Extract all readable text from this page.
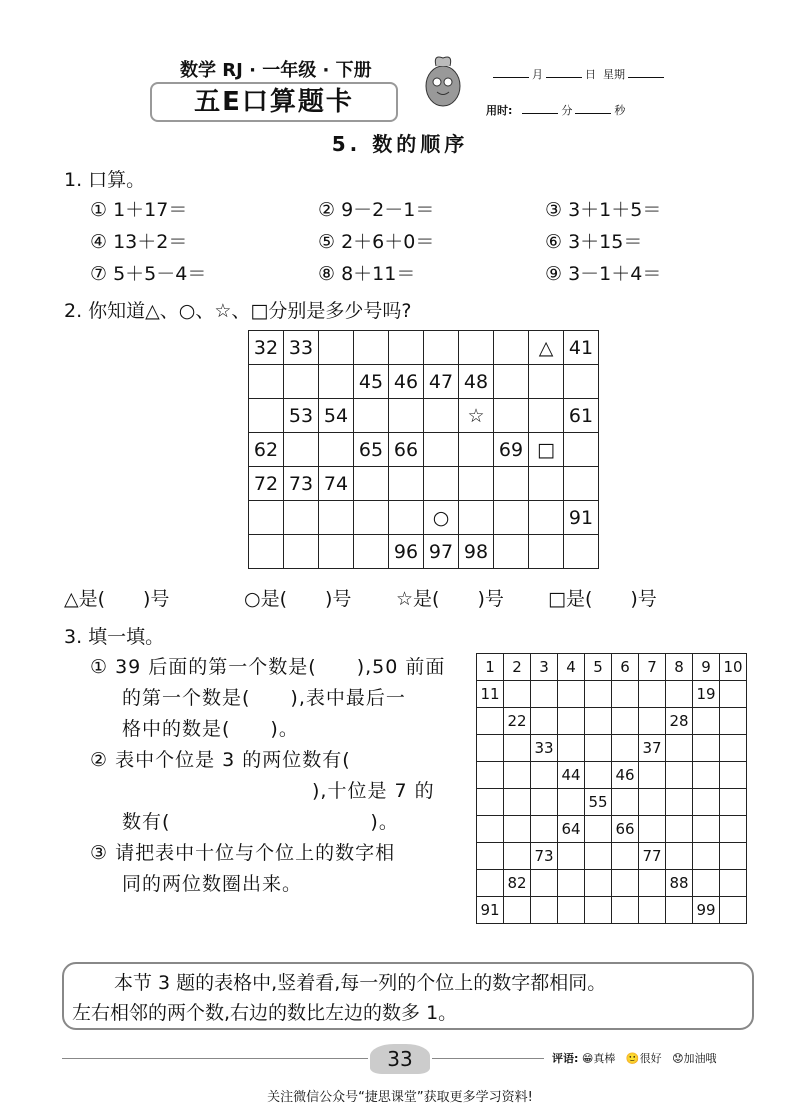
数学 RJ · 一年级 · 下册
五E口算题卡
月	日 星期
用时:	分	秒
5. 数的顺序
1. 口算。
2. 你知道△、○、☆、□分别是多少号吗?
32	33							△	41
			45	46	47	48			
	53	54				☆			61
62			65	66			69	□	
72	73	74							
					○				91
				96	97	98			
3. 填一填。
1	2	3	4	5	6	7	8	9	10
11								19	
	22						28		
		33				37			
			44		46				
				55					
			64		66				
		73				77			
	82						88		
91								99	
本节 3 题的表格中,竖着看,每一列的个位上的数字都相同。
左右相邻的两个数,右边的数比左边的数多 1。
33	评语: 😁真棒 🙂很好 😟加油哦
关注微信公众号“捷思课堂”获取更多学习资料!
① 1＋17＝	② 9－2－1＝	③ 3＋1＋5＝
④ 13＋2＝	⑤ 2＋6＋0＝	⑥ 3＋15＝
⑦ 5＋5－4＝	⑧ 8＋11＝	⑨ 3－1＋4＝
△是(　　)号	○是(　　)号 ☆是(　　)号 □是(　　)号
① 39 后面的第一个数是(　　),50 前面
的第一个数是(　　),表中最后一
格中的数是(　　)。
② 表中个位是 3 的两位数有(
),十位是 7 的
数有(　　　　　　　　　　)。
③ 请把表中十位与个位上的数字相
同的两位数圈出来。
